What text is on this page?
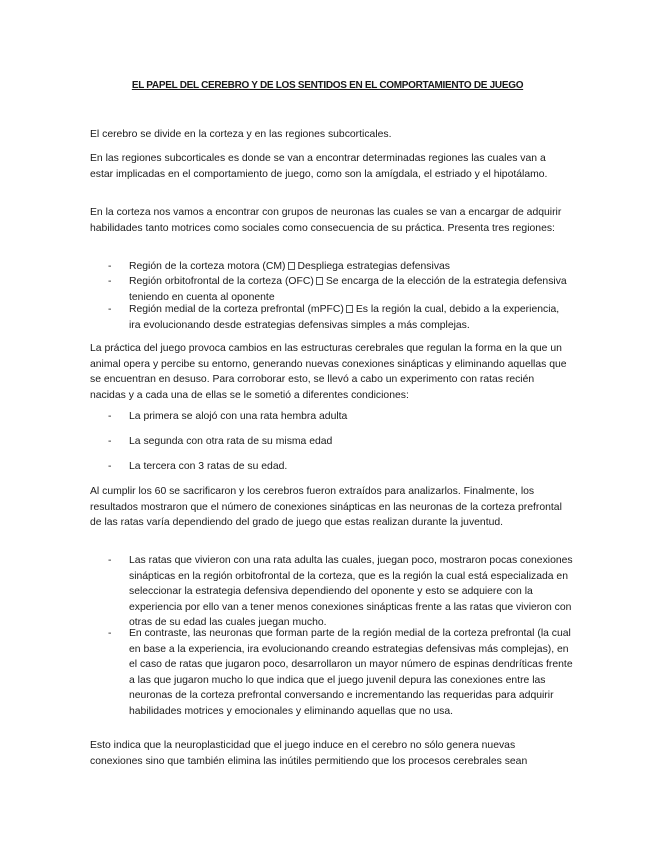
EL PAPEL DEL CEREBRO Y DE LOS SENTIDOS EN EL COMPORTAMIENTO DE JUEGO

El cerebro se divide en la corteza y en las regiones subcorticales.

En las regiones subcorticales es donde se van a encontrar determinadas regiones las cuales van a estar implicadas en el comportamiento de juego, como son la amígdala, el estriado y el hipotálamo.

En la corteza nos vamos a encontrar con grupos de neuronas las cuales se van a encargar de adquirir habilidades tanto motrices como sociales como consecuencia de su práctica. Presenta tres regiones:

- Región de la corteza motora (CM) Despliega estrategias defensivas
- Región orbitofrontal de la corteza (OFC) Se encarga de la elección de la estrategia defensiva teniendo en cuenta al oponente
- Región medial de la corteza prefrontal (mPFC) Es la región la cual, debido a la experiencia, ira evolucionando desde estrategias defensivas simples a más complejas.

La práctica del juego provoca cambios en las estructuras cerebrales que regulan la forma en la que un animal opera y percibe su entorno, generando nuevas conexiones sinápticas y eliminando aquellas que se encuentran en desuso. Para corroborar esto, se llevó a cabo un experimento con ratas recién nacidas y a cada una de ellas se le sometió a diferentes condiciones:

- La primera se alojó con una rata hembra adulta
- La segunda con otra rata de su misma edad
- La tercera con 3 ratas de su edad.

Al cumplir los 60 se sacrificaron y los cerebros fueron extraídos para analizarlos. Finalmente, los resultados mostraron que el número de conexiones sinápticas en las neuronas de la corteza prefrontal de las ratas varía dependiendo del grado de juego que estas realizan durante la juventud.

- Las ratas que vivieron con una rata adulta las cuales, juegan poco, mostraron pocas conexiones sinápticas en la región orbitofrontal de la corteza, que es la región la cual está especializada en seleccionar la estrategia defensiva dependiendo del oponente y esto se adquiere con la experiencia por ello van a tener menos conexiones sinápticas frente a las ratas que vivieron con otras de su edad las cuales juegan mucho.
- En contraste, las neuronas que forman parte de la región medial de la corteza prefrontal (la cual en base a la experiencia, ira evolucionando creando estrategias defensivas más complejas), en el caso de ratas que jugaron poco, desarrollaron un mayor número de espinas dendríticas frente a las que jugaron mucho lo que indica que el juego juvenil depura las conexiones entre las neuronas de la corteza prefrontal conversando e incrementando las requeridas para adquirir habilidades motrices y emocionales y eliminando aquellas que no usa.

Esto indica que la neuroplasticidad que el juego induce en el cerebro no sólo genera nuevas conexiones sino que también elimina las inútiles permitiendo que los procesos cerebrales sean
